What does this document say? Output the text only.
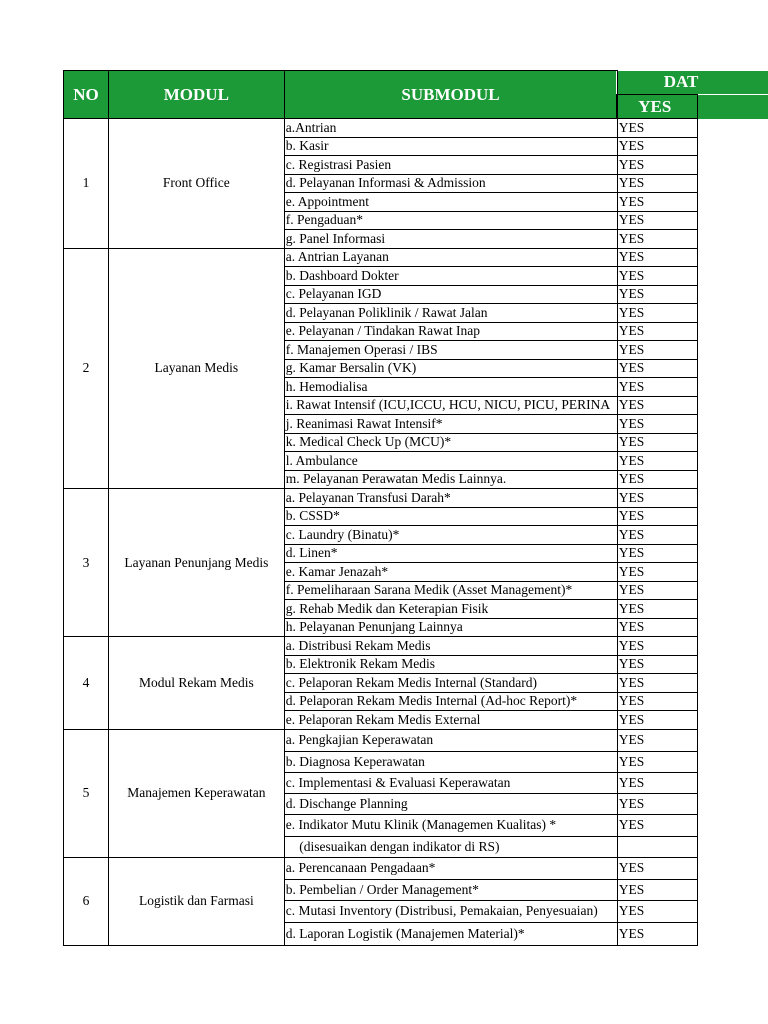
NO	MODUL	SUBMODUL	DAT	
			YES	
1	Front Office	a.Antrian	YES	
		b. Kasir	YES	
		c. Registrasi Pasien	YES	
		d. Pelayanan Informasi & Admission	YES	
		e. Appointment	YES	
		f. Pengaduan*	YES	
		g. Panel Informasi	YES	
2	Layanan Medis	a. Antrian Layanan	YES	
		b. Dashboard Dokter	YES	
		c. Pelayanan IGD	YES	
		d. Pelayanan Poliklinik / Rawat Jalan	YES	
		e. Pelayanan / Tindakan Rawat Inap	YES	
		f. Manajemen Operasi / IBS	YES	
		g. Kamar Bersalin (VK)	YES	
		h. Hemodialisa	YES	
		i. Rawat Intensif (ICU,ICCU, HCU, NICU, PICU, PERINA	YES	
		j. Reanimasi Rawat Intensif*	YES	
		k. Medical Check Up (MCU)*	YES	
		l. Ambulance	YES	
		m. Pelayanan Perawatan Medis Lainnya.	YES	
3	Layanan Penunjang Medis	a. Pelayanan Transfusi Darah*	YES	
		b. CSSD*	YES	
		c. Laundry (Binatu)*	YES	
		d. Linen*	YES	
		e. Kamar Jenazah*	YES	
		f. Pemeliharaan Sarana Medik (Asset Management)*	YES	
		g. Rehab Medik dan Keterapian Fisik	YES	
		h. Pelayanan Penunjang Lainnya	YES	
4	Modul Rekam Medis	a. Distribusi Rekam Medis	YES	
		b. Elektronik Rekam Medis	YES	
		c. Pelaporan Rekam Medis Internal (Standard)	YES	
		d. Pelaporan Rekam Medis Internal (Ad-hoc Report)*	YES	
		e. Pelaporan Rekam Medis External	YES	
5	Manajemen Keperawatan	a. Pengkajian Keperawatan	YES	
		b. Diagnosa Keperawatan	YES	
		c. Implementasi & Evaluasi Keperawatan	YES	
		d. Dischange Planning	YES	
		e. Indikator Mutu Klinik (Managemen Kualitas) *	YES	
		(disesuaikan dengan indikator di RS)		
6	Logistik dan Farmasi	a. Perencanaan Pengadaan*	YES	
		b. Pembelian / Order Management*	YES	
		c. Mutasi Inventory (Distribusi, Pemakaian, Penyesuaian)	YES	
		d. Laporan Logistik (Manajemen Material)*	YES	
